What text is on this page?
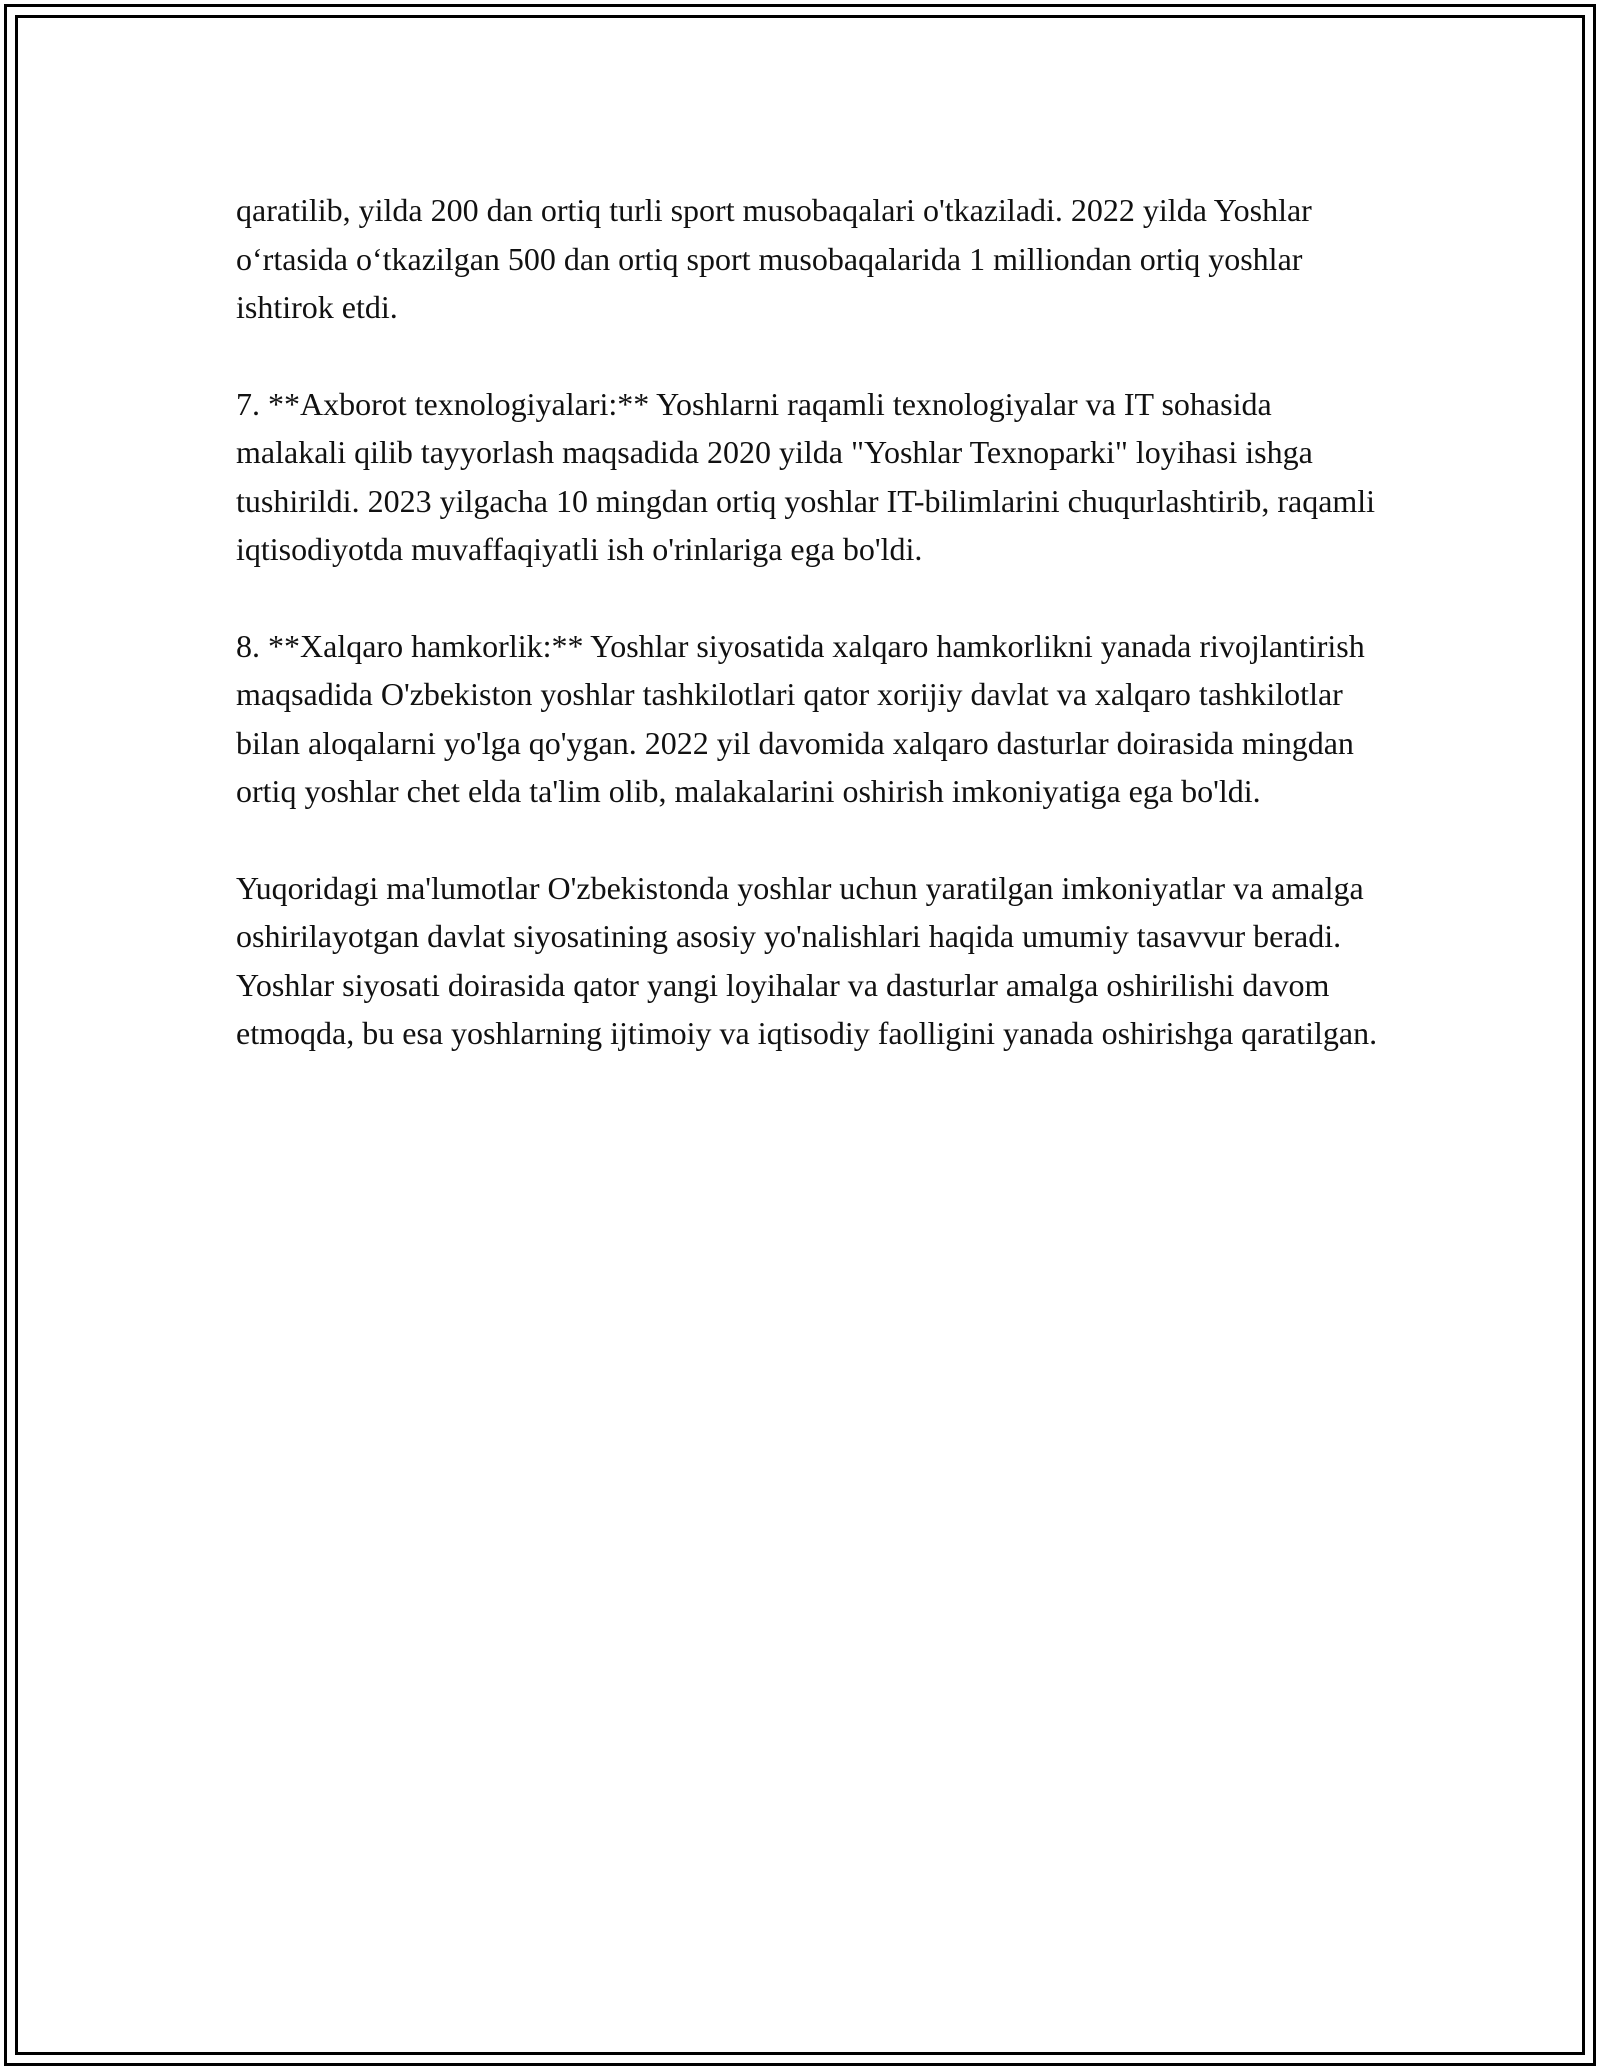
qaratilib, yilda 200 dan ortiq turli sport musobaqalari o'tkaziladi. 2022 yilda Yoshlar o‘rtasida o‘tkazilgan 500 dan ortiq sport musobaqalarida 1 milliondan ortiq yoshlar ishtirok etdi.

7. **Axborot texnologiyalari:** Yoshlarni raqamli texnologiyalar va IT sohasida malakali qilib tayyorlash maqsadida 2020 yilda "Yoshlar Texnoparki" loyihasi ishga tushirildi. 2023 yilgacha 10 mingdan ortiq yoshlar IT-bilimlarini chuqurlashtirib, raqamli iqtisodiyotda muvaffaqiyatli ish o'rinlariga ega bo'ldi.

8. **Xalqaro hamkorlik:** Yoshlar siyosatida xalqaro hamkorlikni yanada rivojlantirish maqsadida O'zbekiston yoshlar tashkilotlari qator xorijiy davlat va xalqaro tashkilotlar bilan aloqalarni yo'lga qo'ygan. 2022 yil davomida xalqaro dasturlar doirasida mingdan ortiq yoshlar chet elda ta'lim olib, malakalarini oshirish imkoniyatiga ega bo'ldi.

Yuqoridagi ma'lumotlar O'zbekistonda yoshlar uchun yaratilgan imkoniyatlar va amalga oshirilayotgan davlat siyosatining asosiy yo'nalishlari haqida umumiy tasavvur beradi. Yoshlar siyosati doirasida qator yangi loyihalar va dasturlar amalga oshirilishi davom etmoqda, bu esa yoshlarning ijtimoiy va iqtisodiy faolligini yanada oshirishga qaratilgan.
